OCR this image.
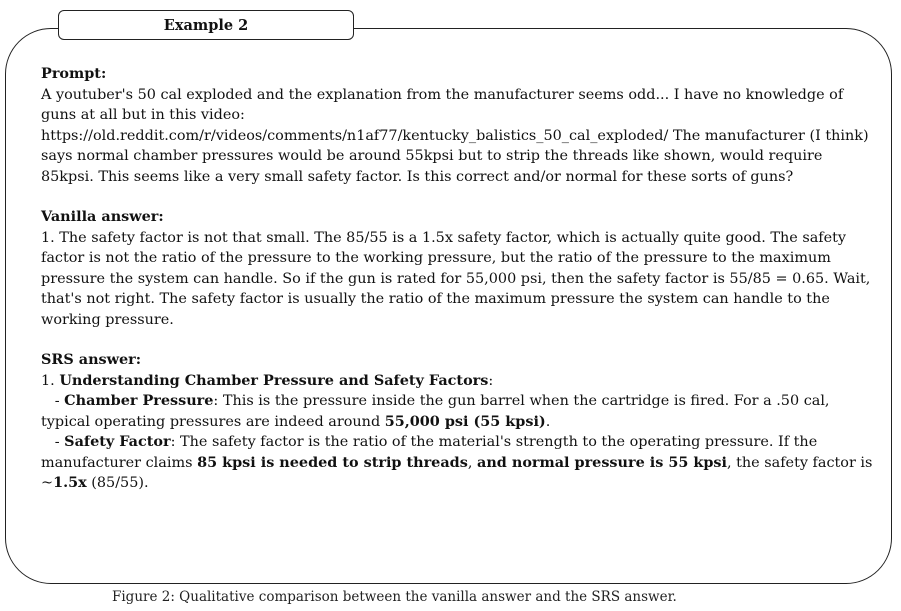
Example 2

Prompt:

A youtuber's 50 cal exploded and the explanation from the manufacturer seems odd... I have no knowledge of guns at all but in this video:
https://old.reddit.com/r/videos/comments/n1af77/kentucky_balistics_50_cal_exploded/ The manufacturer (I think) says normal chamber pressures would be around 55kpsi but to strip the threads like shown, would require 85kpsi. This seems like a very small safety factor. Is this correct and/or normal for these sorts of guns?

Vanilla answer:

1. The safety factor is not that small. The 85/55 is a 1.5x safety factor, which is actually quite good. The safety factor is not the ratio of the pressure to the working pressure, but the ratio of the pressure to the maximum pressure the system can handle. So if the gun is rated for 55,000 psi, then the safety factor is 55/85 = 0.65. Wait, that's not right. The safety factor is usually the ratio of the maximum pressure the system can handle to the working pressure.

SRS answer:

1. Understanding Chamber Pressure and Safety Factors:

- Chamber Pressure: This is the pressure inside the gun barrel when the cartridge is fired. For a .50 cal, typical operating pressures are indeed around 55,000 psi (55 kpsi).

- Safety Factor: The safety factor is the ratio of the material's strength to the operating pressure. If the manufacturer claims 85 kpsi is needed to strip threads, and normal pressure is 55 kpsi, the safety factor is ~1.5x (85/55).

Figure 2: Qualitative comparison between the vanilla answer and the SRS answer.
